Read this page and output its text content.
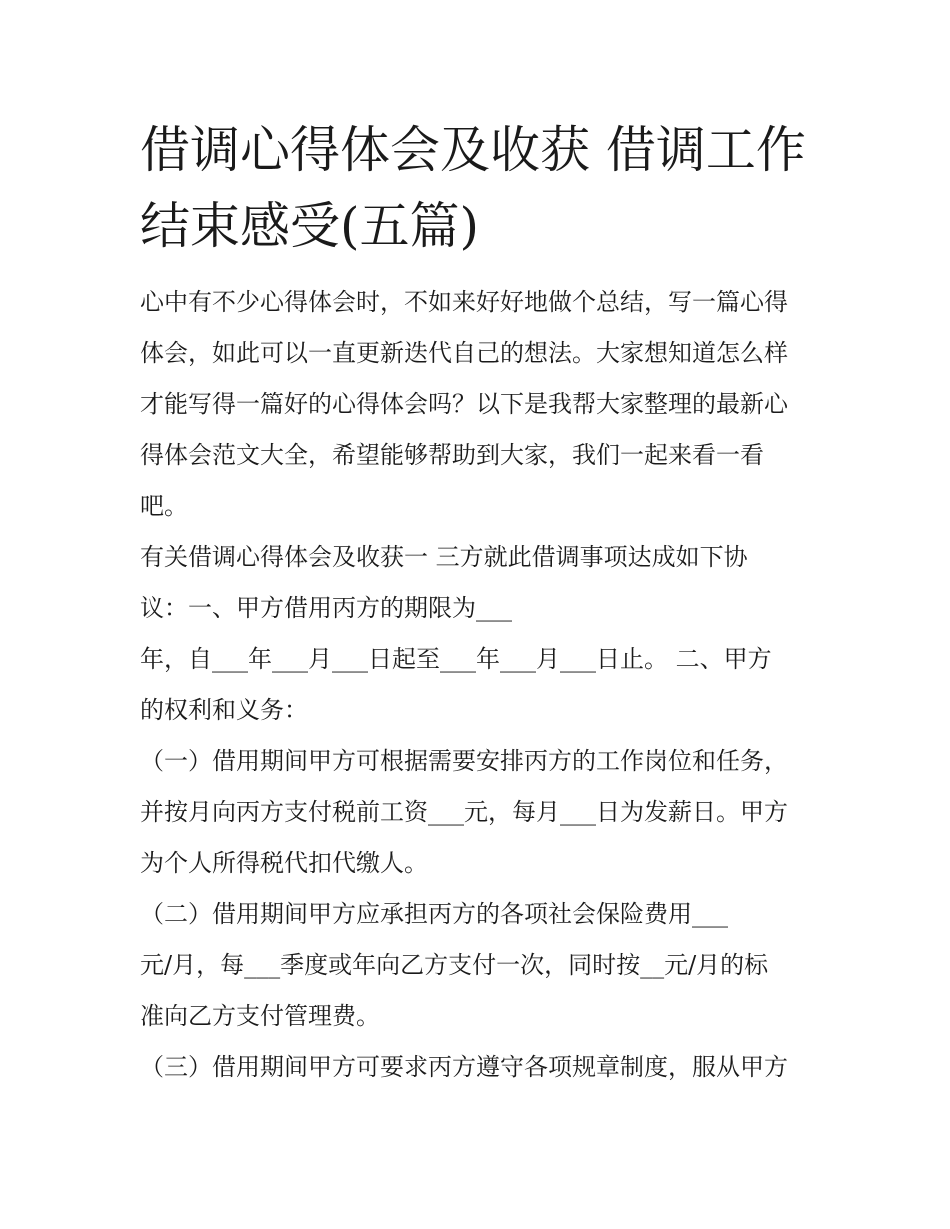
借调心得体会及收获 借调工作
结束感受(五篇)
心中有不少心得体会时，不如来好好地做个总结，写一篇心得
体会，如此可以一直更新迭代自己的想法。大家想知道怎么样
才能写得一篇好的心得体会吗？以下是我帮大家整理的最新心
得体会范文大全，希望能够帮助到大家，我们一起来看一看
吧。
有关借调心得体会及收获一 三方就此借调事项达成如下协
议：一、甲方借用丙方的期限为___
年，自___年___月___日起至___年___月___日止。 二、甲方
的权利和义务：
（一）借用期间甲方可根据需要安排丙方的工作岗位和任务，
并按月向丙方支付税前工资___元，每月___日为发薪日。甲方
为个人所得税代扣代缴人。
（二）借用期间甲方应承担丙方的各项社会保险费用___
元/月，每___季度或年向乙方支付一次，同时按__元/月的标
准向乙方支付管理费。
（三）借用期间甲方可要求丙方遵守各项规章制度，服从甲方
